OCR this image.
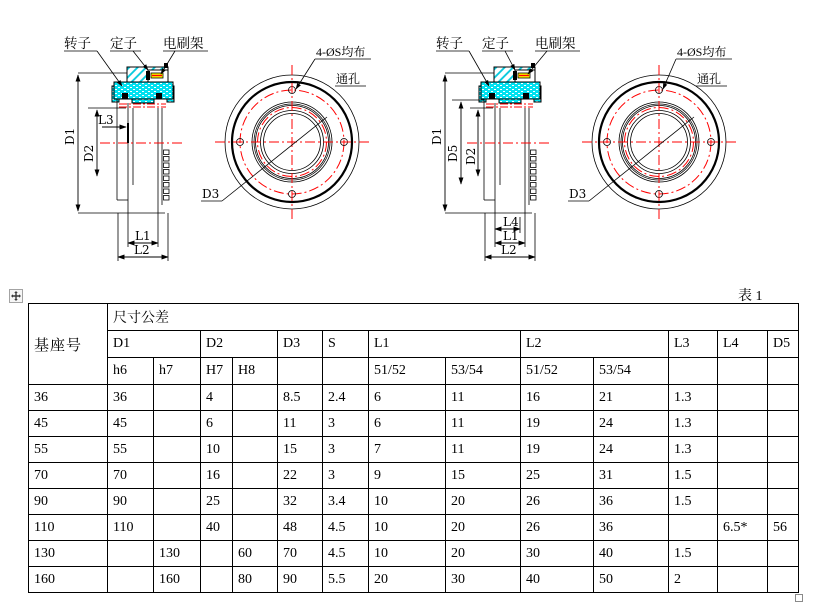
转子 定子 电刷架
4-ØS均布
通孔
D1
D2
L3
L1
L2
D3
转子 定子 电刷架
4-ØS均布
通孔
D1
D5 D2
L4
L1
L2
D3
表 1
基座号	尺寸公差												
	D1		D2		D3	S	L1		L2		L3	L4	D5
	h6	h7	H7	H8			51/52	53/54	51/52	53/54			
36	36		4		8.5	2.4	6	11	16	21	1.3		
45	45		6		11	3	6	11	19	24	1.3		
55	55		10		15	3	7	11	19	24	1.3		
70	70		16		22	3	9	15	25	31	1.5		
90	90		25		32	3.4	10	20	26	36	1.5		
110	110		40		48	4.5	10	20	26	36		6.5*	56
130		130		60	70	4.5	10	20	30	40	1.5		
160		160		80	90	5.5	20	30	40	50	2		
